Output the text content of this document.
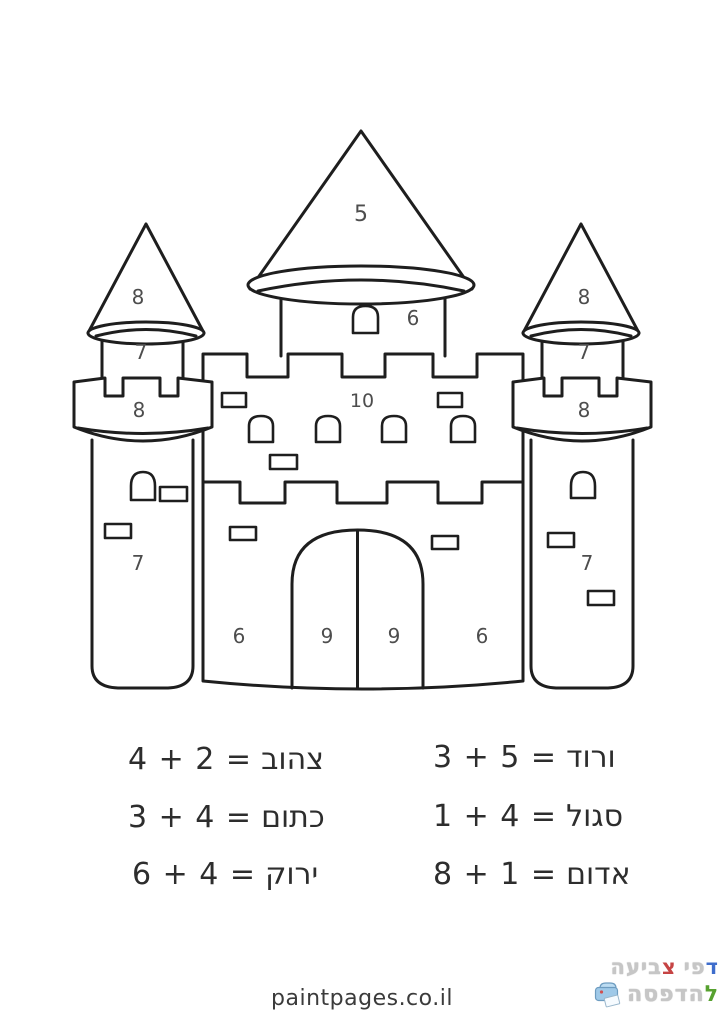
5
6
10
6	9	9	6
8
7
8
7
8
7
8
7
4 + 2 = צהוב
3 + 4 = כתום
6 + 4 = ירוק
3 + 5 = ורוד
1 + 4 = סגול
8 + 1 = אדום
paintpages.co.il
דפי
צביעה
להדפסה
